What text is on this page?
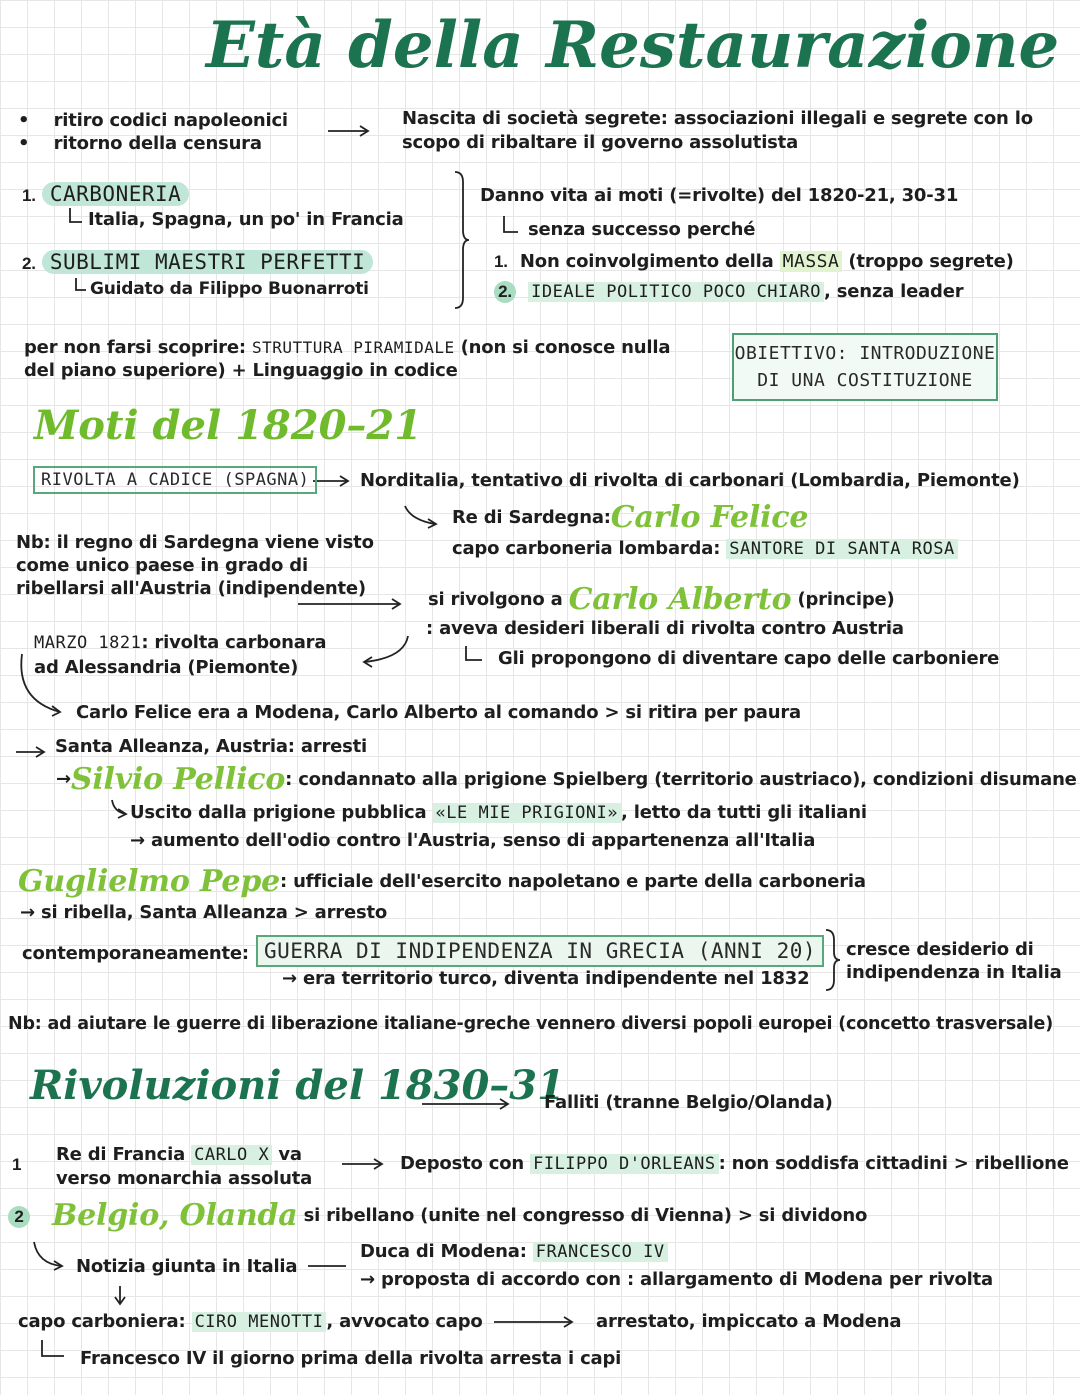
Età della Restaurazione
•    ritiro codici napoleonici
•    ritorno della censura
Nascita di società segrete: associazioni illegali e segrete con lo
scopo di ribaltare il governo assolutista
1. CARBONERIA
Italia, Spagna, un po' in Francia
2. SUBLIMI MAESTRI PERFETTI
Guidato da Filippo Buonarroti
Danno vita ai moti (=rivolte) del 1820-21, 30-31
senza successo perché
1. Non coinvolgimento della MASSA (troppo segrete)
2. IDEALE POLITICO POCO CHIARO , senza leader
per non farsi scoprire: STRUTTURA PIRAMIDALE (non si conosce nulla
del piano superiore) + Linguaggio in codice
OBIETTIVO: INTRODUZIONE
DI UNA COSTITUZIONE
Moti del 1820–21
RIVOLTA A CADICE (SPAGNA)	Norditalia, tentativo di rivolta di carbonari (Lombardia, Piemonte)
Re di Sardegna:Carlo Felice
capo carboneria lombarda: SANTORE DI SANTA ROSA
Nb: il regno di Sardegna viene visto
come unico paese in grado di
ribellarsi all'Austria (indipendente)
si rivolgono a Carlo Alberto (principe)
: aveva desideri liberali di rivolta contro Austria
Gli propongono di diventare capo delle carboniere
MARZO 1821: rivolta carbonara
ad Alessandria (Piemonte)
Carlo Felice era a Modena, Carlo Alberto al comando > si ritira per paura
Santa Alleanza, Austria: arresti
→Silvio Pellico: condannato alla prigione Spielberg (territorio austriaco), condizioni disumane
Uscito dalla prigione pubblica «LE MIE PRIGIONI» , letto da tutti gli italiani
→ aumento dell'odio contro l'Austria, senso di appartenenza all'Italia
Guglielmo Pepe: ufficiale dell'esercito napoletano e parte della carboneria
→ si ribella, Santa Alleanza > arresto
contemporaneamente: GUERRA DI INDIPENDENZA IN GRECIA (ANNI 20)
→ era territorio turco, diventa indipendente nel 1832
cresce desiderio di
indipendenza in Italia
Nb: ad aiutare le guerre di liberazione italiane-greche vennero diversi popoli europei (concetto trasversale)
Rivoluzioni del 1830–31
Falliti (tranne Belgio/Olanda)
1 Re di Francia CARLO X va
verso monarchia assoluta
Deposto con FILIPPO D'ORLEANS : non soddisfa cittadini > ribellione
2 Belgio, Olanda si ribellano (unite nel congresso di Vienna) > si dividono
Notizia giunta in Italia
Duca di Modena: FRANCESCO IV
→ proposta di accordo con : allargamento di Modena per rivolta
capo carboniera: CIRO MENOTTI , avvocato capo	arrestato, impiccato a Modena
Francesco IV il giorno prima della rivolta arresta i capi
